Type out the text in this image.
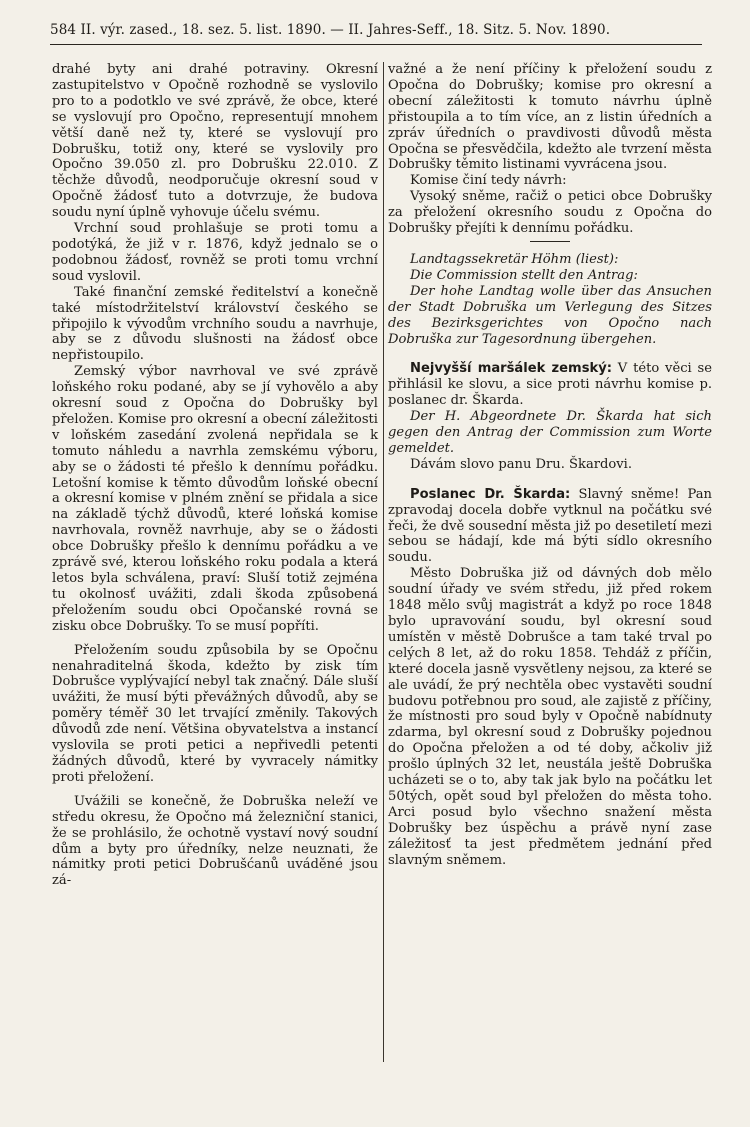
584 II. výr. zased., 18. sez. 5. list. 1890. — II. Jahres-Seff., 18. Sitz. 5. Nov. 1890.

drahé byty ani drahé potraviny. Okresní zastupitelstvo v Opočně rozhodně se vyslovilo pro to a podotklo ve své zprávě, že obce, které se vyslovují pro Opočno, representují mnohem větší daně než ty, které se vyslovují pro Dobrušku, totiž ony, které se vyslovily pro Opočno 39.050 zl. pro Dobrušku 22.010. Z těchže důvodů, neodporučuje okresní soud v Opočně žádosť tuto a dotvrzuje, že budova soudu nyní úplně vyhovuje účelu svému.

Vrchní soud prohlašuje se proti tomu a podotýká, že již v r. 1876, když jednalo se o podobnou žádosť, rovněž se proti tomu vrchní soud vyslovil.

Také finanční zemské ředitelství a konečně také místodržitelství království českého se připojilo k vývodům vrchního soudu a navrhuje, aby se z důvodu slušnosti na žádosť obce nepřistoupilo.

Zemský výbor navrhoval ve své zprávě loňského roku podané, aby se jí vyhovělo a aby okresní soud z Opočna do Dobrušky byl přeložen. Komise pro okresní a obecní záležitosti v loňském zasedání zvolená nepřidala se k tomuto náhledu a navrhla zemskému výboru, aby se o žádosti té přešlo k dennímu pořádku. Letošní komise k těmto důvodům loňské obecní a okresní komise v plném znění se přidala a sice na základě týchž důvodů, které loňská komise navrhovala, rovněž navrhuje, aby se o žádosti obce Dobrušky přešlo k dennímu pořádku a ve zprávě své, kterou loňského roku podala a která letos byla schválena, praví: Sluší totiž zejména tu okolnosť uvážiti, zdali škoda způsobená přeložením soudu obci Opočanské rovná se zisku obce Dobrušky. To se musí popříti.

Přeložením soudu způsobila by se Opočnu nenahraditelná škoda, kdežto by zisk tím Dobrušce vyplývající nebyl tak značný. Dále sluší uvážiti, že musí býti převážných důvodů, aby se poměry téměř 30 let trvající změnily. Takových důvodů zde není. Většina obyvatelstva a instancí vyslovila se proti petici a nepřivedli petenti žádných důvodů, které by vyvracely námitky proti přeložení.

Uvážili se konečně, že Dobruška neleží ve středu okresu, že Opočno má železniční stanici, že se prohlásilo, že ochotně vystaví nový soudní dům a byty pro úředníky, nelze neuznati, že námitky proti petici Dobrušćanů uváděné jsou zá-

važné a že není příčiny k přeložení soudu z Opočna do Dobrušky; komise pro okresní a obecní záležitosti k tomuto návrhu úplně přistoupila a to tím více, an z listin úředních a zpráv úředních o pravdivosti důvodů města Opočna se přesvědčila, kdežto ale tvrzení města Dobrušky těmito listinami vyvrácena jsou.

Komise činí tedy návrh:

Vysoký sněme, račiž o petici obce Dobrušky za přeložení okresního soudu z Opočna do Dobrušky přejíti k dennímu pořádku.

Landtagssekretär Höhm (liest):

Die Commission stellt den Antrag:

Der hohe Landtag wolle über das Ansuchen der Stadt Dobruška um Verlegung des Sitzes des Bezirksgerichtes von Opočno nach Dobruška zur Tagesordnung übergehen.

Nejvyšší maršálek zemský: V této věci se přihlásil ke slovu, a sice proti návrhu komise p. poslanec dr. Škarda.

Der H. Abgeordnete Dr. Škarda hat sich gegen den Antrag der Commission zum Worte gemeldet.

Dávám slovo panu Dru. Škardovi.

Poslanec Dr. Škarda: Slavný sněme! Pan zpravodaj docela dobře vytknul na počátku své řeči, že dvě sousední města již po desetiletí mezi sebou se hádají, kde má býti sídlo okresního soudu.

Město Dobruška již od dávných dob mělo soudní úřady ve svém středu, již před rokem 1848 mělo svůj magistrát a když po roce 1848 bylo upravování soudu, byl okresní soud umístěn v městě Dobrušce a tam také trval po celých 8 let, až do roku 1858. Tehdáž z příčin, které docela jasně vysvětleny nejsou, za které se ale uvádí, že prý nechtěla obec vystavěti soudní budovu potřebnou pro soud, ale zajistě z příčiny, že místnosti pro soud byly v Opočně nabídnuty zdarma, byl okresní soud z Dobrušky pojednou do Opočna přeložen a od té doby, ačkoliv již prošlo úplných 32 let, neustála ještě Dobruška ucházeti se o to, aby tak jak bylo na počátku let 50tých, opět soud byl přeložen do města toho. Arci posud bylo všechno snažení města Dobrušky bez úspěchu a právě nyní zase záležitosť ta jest předmětem jednání před slavným sněmem.
